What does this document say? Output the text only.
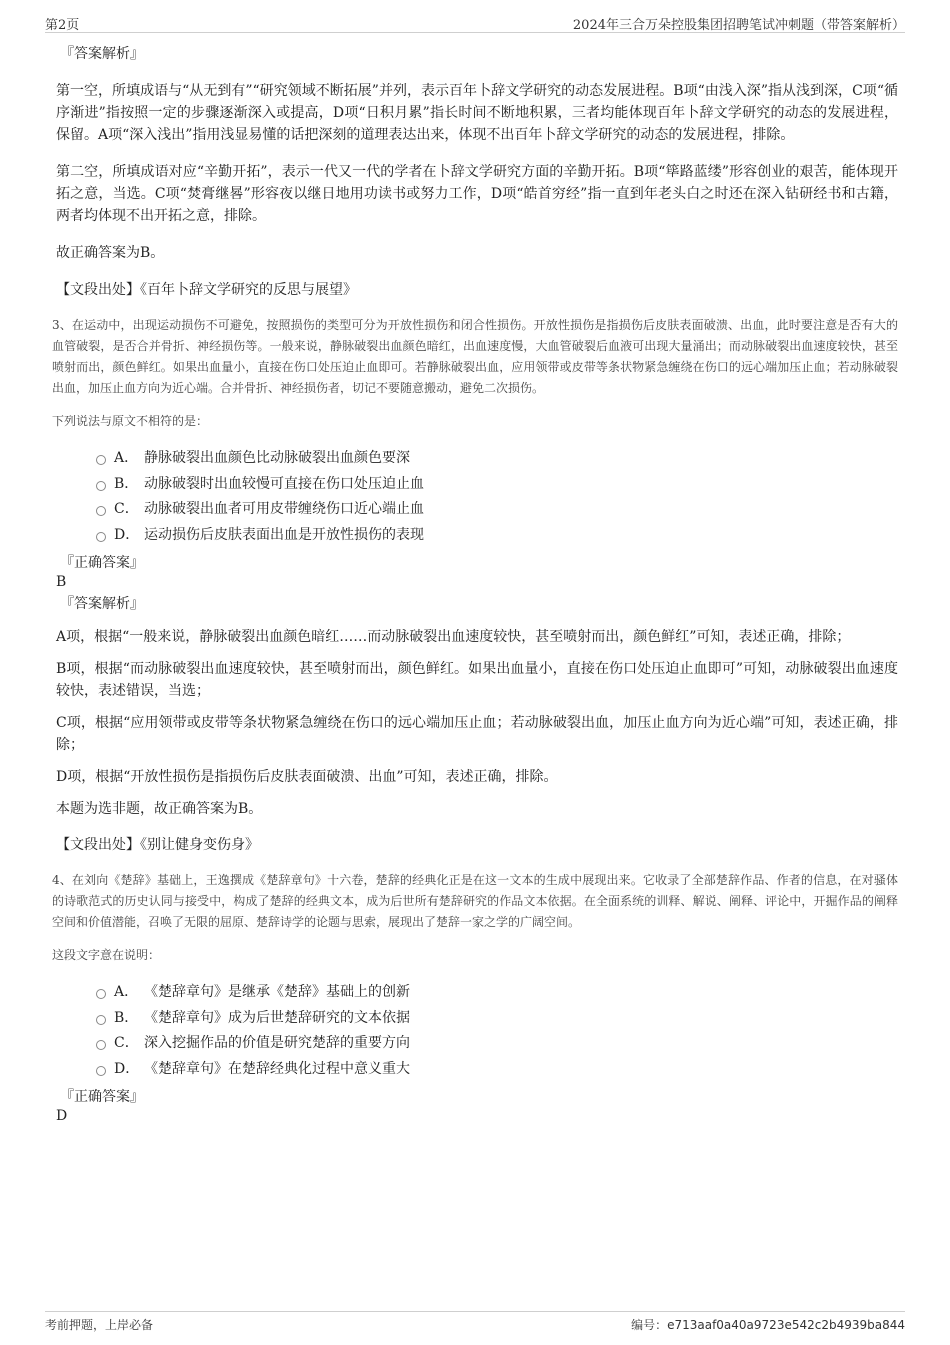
第2页	2024年三合万朵控股集团招聘笔试冲刺题（带答案解析）
『答案解析』

第一空，所填成语与“从无到有”“研究领域不断拓展”并列，表示百年卜辞文学研究的动态发展进程。B项“由浅入深”指从浅到深，C项“循序渐进”指按照一定的步骤逐渐深入或提高，D项“日积月累”指长时间不断地积累，三者均能体现百年卜辞文学研究的动态的发展进程，保留。A项“深入浅出”指用浅显易懂的话把深刻的道理表达出来，体现不出百年卜辞文学研究的动态的发展进程，排除。

第二空，所填成语对应“辛勤开拓”，表示一代又一代的学者在卜辞文学研究方面的辛勤开拓。B项“筚路蓝缕”形容创业的艰苦，能体现开拓之意，当选。C项“焚膏继晷”形容夜以继日地用功读书或努力工作，D项“皓首穷经”指一直到年老头白之时还在深入钻研经书和古籍，两者均体现不出开拓之意，排除。

故正确答案为B。

【文段出处】《百年卜辞文学研究的反思与展望》

3、在运动中，出现运动损伤不可避免，按照损伤的类型可分为开放性损伤和闭合性损伤。开放性损伤是指损伤后皮肤表面破溃、出血，此时要注意是否有大的血管破裂，是否合并骨折、神经损伤等。一般来说，静脉破裂出血颜色暗红，出血速度慢，大血管破裂后血液可出现大量涌出；而动脉破裂出血速度较快，甚至喷射而出，颜色鲜红。如果出血量小，直接在伤口处压迫止血即可。若静脉破裂出血，应用领带或皮带等条状物紧急缠绕在伤口的远心端加压止血；若动脉破裂出血，加压止血方向为近心端。合并骨折、神经损伤者，切记不要随意搬动，避免二次损伤。

下列说法与原文不相符的是：

A． 静脉破裂出血颜色比动脉破裂出血颜色要深
B． 动脉破裂时出血较慢可直接在伤口处压迫止血
C． 动脉破裂出血者可用皮带缠绕伤口近心端止血
D． 运动损伤后皮肤表面出血是开放性损伤的表现
『正确答案』
B
『答案解析』

A项，根据“一般来说，静脉破裂出血颜色暗红……而动脉破裂出血速度较快，甚至喷射而出，颜色鲜红”可知，表述正确，排除；

B项，根据“而动脉破裂出血速度较快，甚至喷射而出，颜色鲜红。如果出血量小，直接在伤口处压迫止血即可”可知，动脉破裂出血速度较快，表述错误，当选；

C项，根据“应用领带或皮带等条状物紧急缠绕在伤口的远心端加压止血；若动脉破裂出血，加压止血方向为近心端”可知，表述正确，排除；

D项，根据“开放性损伤是指损伤后皮肤表面破溃、出血”可知，表述正确，排除。

本题为选非题，故正确答案为B。

【文段出处】《别让健身变伤身》

4、在刘向《楚辞》基础上，王逸撰成《楚辞章句》十六卷，楚辞的经典化正是在这一文本的生成中展现出来。它收录了全部楚辞作品、作者的信息，在对骚体的诗歌范式的历史认同与接受中，构成了楚辞的经典文本，成为后世所有楚辞研究的作品文本依据。在全面系统的训释、解说、阐释、评论中，开掘作品的阐释空间和价值潜能，召唤了无限的屈原、楚辞诗学的论题与思索，展现出了楚辞一家之学的广阔空间。

这段文字意在说明：

A． 《楚辞章句》是继承《楚辞》基础上的创新
B． 《楚辞章句》成为后世楚辞研究的文本依据
C． 深入挖掘作品的价值是研究楚辞的重要方向
D． 《楚辞章句》在楚辞经典化过程中意义重大
『正确答案』
D
考前押题，上岸必备	编号：e713aaf0a40a9723e542c2b4939ba844
